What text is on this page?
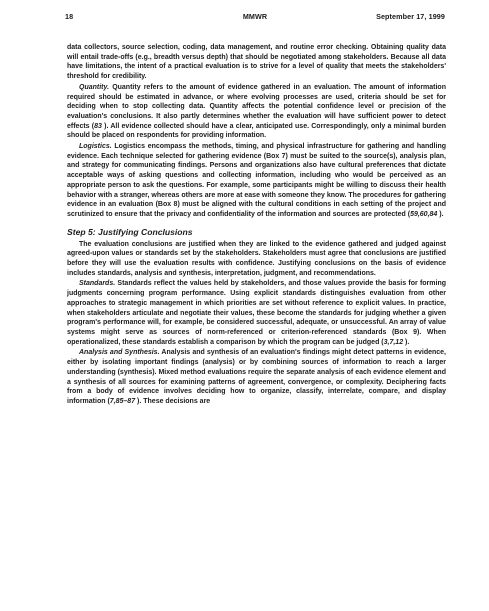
18	MMWR	September 17, 1999

data collectors, source selection, coding, data management, and routine error checking. Obtaining quality data will entail trade-offs (e.g., breadth versus depth) that should be negotiated among stakeholders. Because all data have limitations, the intent of a practical evaluation is to strive for a level of quality that meets the stakeholders' threshold for credibility.

Quantity. Quantity refers to the amount of evidence gathered in an evaluation. The amount of information required should be estimated in advance, or where evolving processes are used, criteria should be set for deciding when to stop collecting data. Quantity affects the potential confidence level or precision of the evaluation's conclusions. It also partly determines whether the evaluation will have sufficient power to detect effects (83 ). All evidence collected should have a clear, anticipated use. Correspondingly, only a minimal burden should be placed on respondents for providing information.

Logistics. Logistics encompass the methods, timing, and physical infrastructure for gathering and handling evidence. Each technique selected for gathering evidence (Box 7) must be suited to the source(s), analysis plan, and strategy for communicating findings. Persons and organizations also have cultural preferences that dictate acceptable ways of asking questions and collecting information, including who would be perceived as an appropriate person to ask the questions. For example, some participants might be willing to discuss their health behavior with a stranger, whereas others are more at ease with someone they know. The procedures for gathering evidence in an evaluation (Box 8) must be aligned with the cultural conditions in each setting of the project and scrutinized to ensure that the privacy and confidentiality of the information and sources are protected (59,60,84 ).

Step 5: Justifying Conclusions

The evaluation conclusions are justified when they are linked to the evidence gathered and judged against agreed-upon values or standards set by the stakeholders. Stakeholders must agree that conclusions are justified before they will use the evaluation results with confidence. Justifying conclusions on the basis of evidence includes standards, analysis and synthesis, interpretation, judgment, and recommendations.

Standards. Standards reflect the values held by stakeholders, and those values provide the basis for forming judgments concerning program performance. Using explicit standards distinguishes evaluation from other approaches to strategic management in which priorities are set without reference to explicit values. In practice, when stakeholders articulate and negotiate their values, these become the standards for judging whether a given program's performance will, for example, be considered successful, adequate, or unsuccessful. An array of value systems might serve as sources of norm-referenced or criterion-referenced standards (Box 9). When operationalized, these standards establish a comparison by which the program can be judged (3,7,12 ).

Analysis and Synthesis. Analysis and synthesis of an evaluation's findings might detect patterns in evidence, either by isolating important findings (analysis) or by combining sources of information to reach a larger understanding (synthesis). Mixed method evaluations require the separate analysis of each evidence element and a synthesis of all sources for examining patterns of agreement, convergence, or complexity. Deciphering facts from a body of evidence involves deciding how to organize, classify, interrelate, compare, and display information (7,85–87 ). These decisions are
